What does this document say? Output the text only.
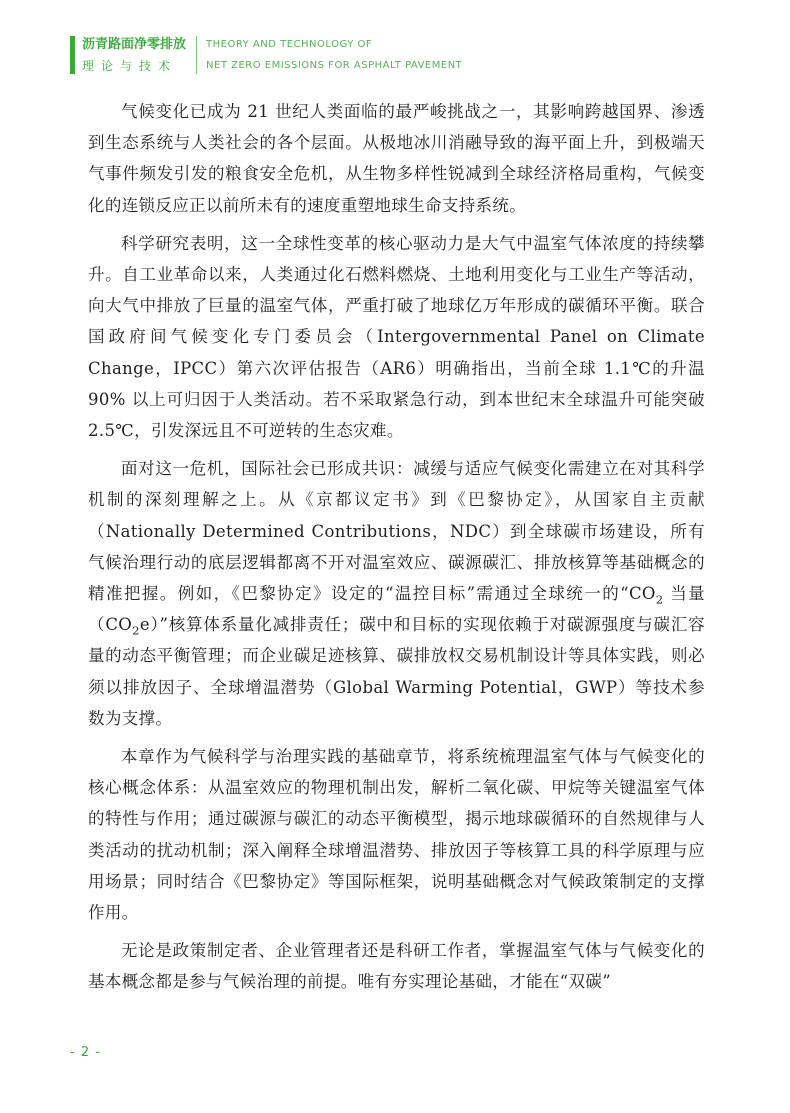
沥青路面净零排放
理论与技术
THEORY AND TECHNOLOGY OF
NET ZERO EMISSIONS FOR ASPHALT PAVEMENT

气候变化已成为 21 世纪人类面临的最严峻挑战之一，其影响跨越国界、渗透到生态系统与人类社会的各个层面。从极地冰川消融导致的海平面上升，到极端天气事件频发引发的粮食安全危机，从生物多样性锐减到全球经济格局重构，气候变化的连锁反应正以前所未有的速度重塑地球生命支持系统。

科学研究表明，这一全球性变革的核心驱动力是大气中温室气体浓度的持续攀升。自工业革命以来，人类通过化石燃料燃烧、土地利用变化与工业生产等活动，向大气中排放了巨量的温室气体，严重打破了地球亿万年形成的碳循环平衡。联合国政府间气候变化专门委员会（Intergovernmental Panel on Climate Change，IPCC）第六次评估报告（AR6）明确指出，当前全球 1.1℃的升温 90% 以上可归因于人类活动。若不采取紧急行动，到本世纪末全球温升可能突破 2.5℃，引发深远且不可逆转的生态灾难。

面对这一危机，国际社会已形成共识：减缓与适应气候变化需建立在对其科学机制的深刻理解之上。从《京都议定书》到《巴黎协定》，从国家自主贡献（Nationally Determined Contributions，NDC）到全球碳市场建设，所有气候治理行动的底层逻辑都离不开对温室效应、碳源碳汇、排放核算等基础概念的精准把握。例如，《巴黎协定》设定的“温控目标”需通过全球统一的“$CO_2$ 当量$(CO_2e)$”核算体系量化减排责任；碳中和目标的实现依赖于对碳源强度与碳汇容量的动态平衡管理；而企业碳足迹核算、碳排放权交易机制设计等具体实践，则必须以排放因子、全球增温潜势（Global Warming Potential，GWP）等技术参数为支撑。

本章作为气候科学与治理实践的基础章节，将系统梳理温室气体与气候变化的核心概念体系：从温室效应的物理机制出发，解析二氧化碳、甲烷等关键温室气体的特性与作用；通过碳源与碳汇的动态平衡模型，揭示地球碳循环的自然规律与人类活动的扰动机制；深入阐释全球增温潜势、排放因子等核算工具的科学原理与应用场景；同时结合《巴黎协定》等国际框架，说明基础概念对气候政策制定的支撑作用。

无论是政策制定者、企业管理者还是科研工作者，掌握温室气体与气候变化的基本概念都是参与气候治理的前提。唯有夯实理论基础，才能在“双碳”

- 2 -
